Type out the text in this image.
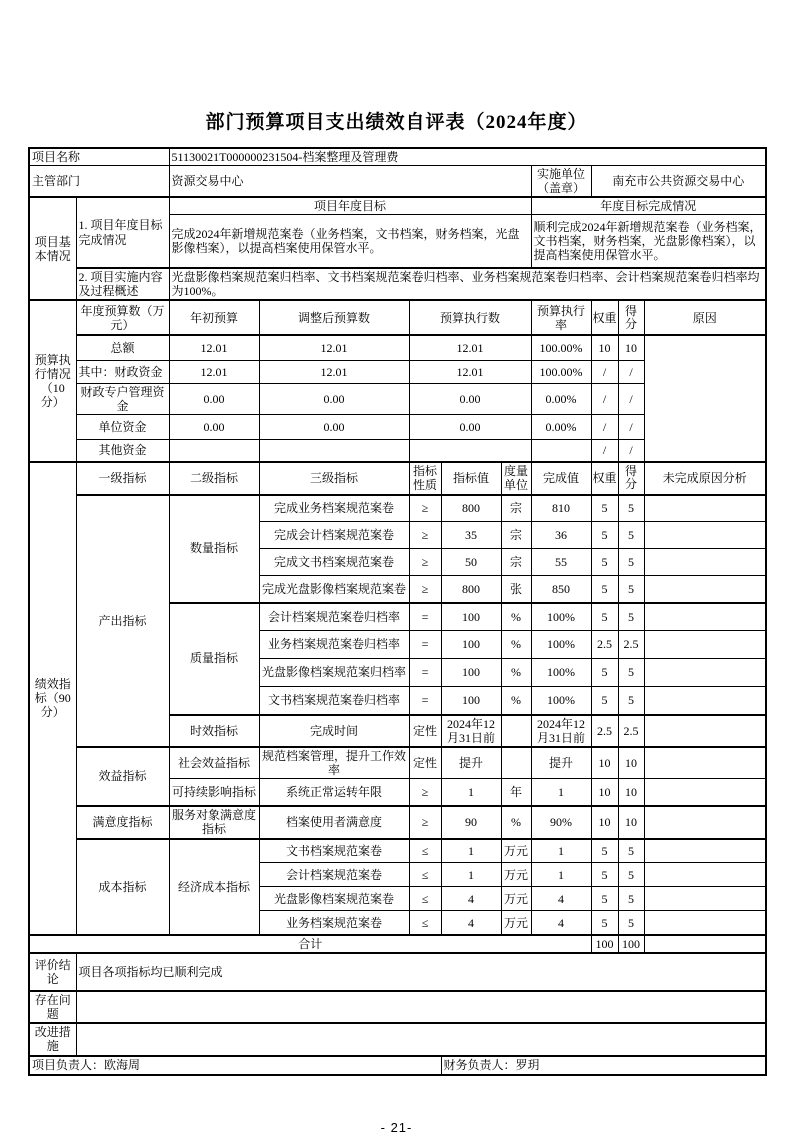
部门预算项目支出绩效自评表（2024年度）
项目名称		51130021T000000231504-档案整理及管理费								
主管部门		资源交易中心					实施单位（盖章）	南充市公共资源交易中心		
项目基本情况	1. 项目年度目标完成情况	项目年度目标					年度目标完成情况			
		完成2024年新增规范案卷（业务档案，文书档案，财务档案，光盘影像档案），以提高档案使用保管水平。					顺利完成2024年新增规范案卷（业务档案，文书档案，财务档案，光盘影像档案），以提高档案使用保管水平。			
	2. 项目实施内容及过程概述	光盘影像档案规范案归档率、文书档案规范案卷归档率、业务档案规范案卷归档率、会计档案规范案卷归档率均为100%。								
预算执行情况（10分）	年度预算数（万元）	年初预算	调整后预算数	预算执行数			预算执行率	权重	得分	原因
	总额	12.01	12.01	12.01			100.00%	10	10	
	其中：财政资金	12.01	12.01	12.01			100.00%	/	/	
	财政专户管理资金	0.00	0.00	0.00			0.00%	/	/	
	单位资金	0.00	0.00	0.00			0.00%	/	/	
	其他资金							/	/	
绩效指标（90分）	一级指标	二级指标	三级指标	指标性质	指标值	度量单位	完成值	权重	得分	未完成原因分析
	产出指标	数量指标	完成业务档案规范案卷	≥	800	宗	810	5	5	
			完成会计档案规范案卷	≥	35	宗	36	5	5	
			完成文书档案规范案卷	≥	50	宗	55	5	5	
			完成光盘影像档案规范案卷	≥	800	张	850	5	5	
		质量指标	会计档案规范案卷归档率	=	100	%	100%	5	5	
			业务档案规范案卷归档率	=	100	%	100%	2.5	2.5	
			光盘影像档案规范案归档率	=	100	%	100%	5	5	
			文书档案规范案卷归档率	=	100	%	100%	5	5	
		时效指标	完成时间	定性	2024年12月31日前		2024年12月31日前	2.5	2.5	
	效益指标	社会效益指标	规范档案管理，提升工作效率	定性	提升		提升	10	10	
		可持续影响指标	系统正常运转年限	≥	1	年	1	10	10	
	满意度指标	服务对象满意度指标	档案使用者满意度	≥	90	%	90%	10	10	
	成本指标	经济成本指标	文书档案规范案卷	≤	1	万元	1	5	5	
			会计档案规范案卷	≤	1	万元	1	5	5	
			光盘影像档案规范案卷	≤	4	万元	4	5	5	
			业务档案规范案卷	≤	4	万元	4	5	5	
合计								100	100	
评价结论	项目各项指标均已顺利完成									
存在问题										
改进措施										
项目负责人：欧海周					财务负责人：罗玥					
- 21-
